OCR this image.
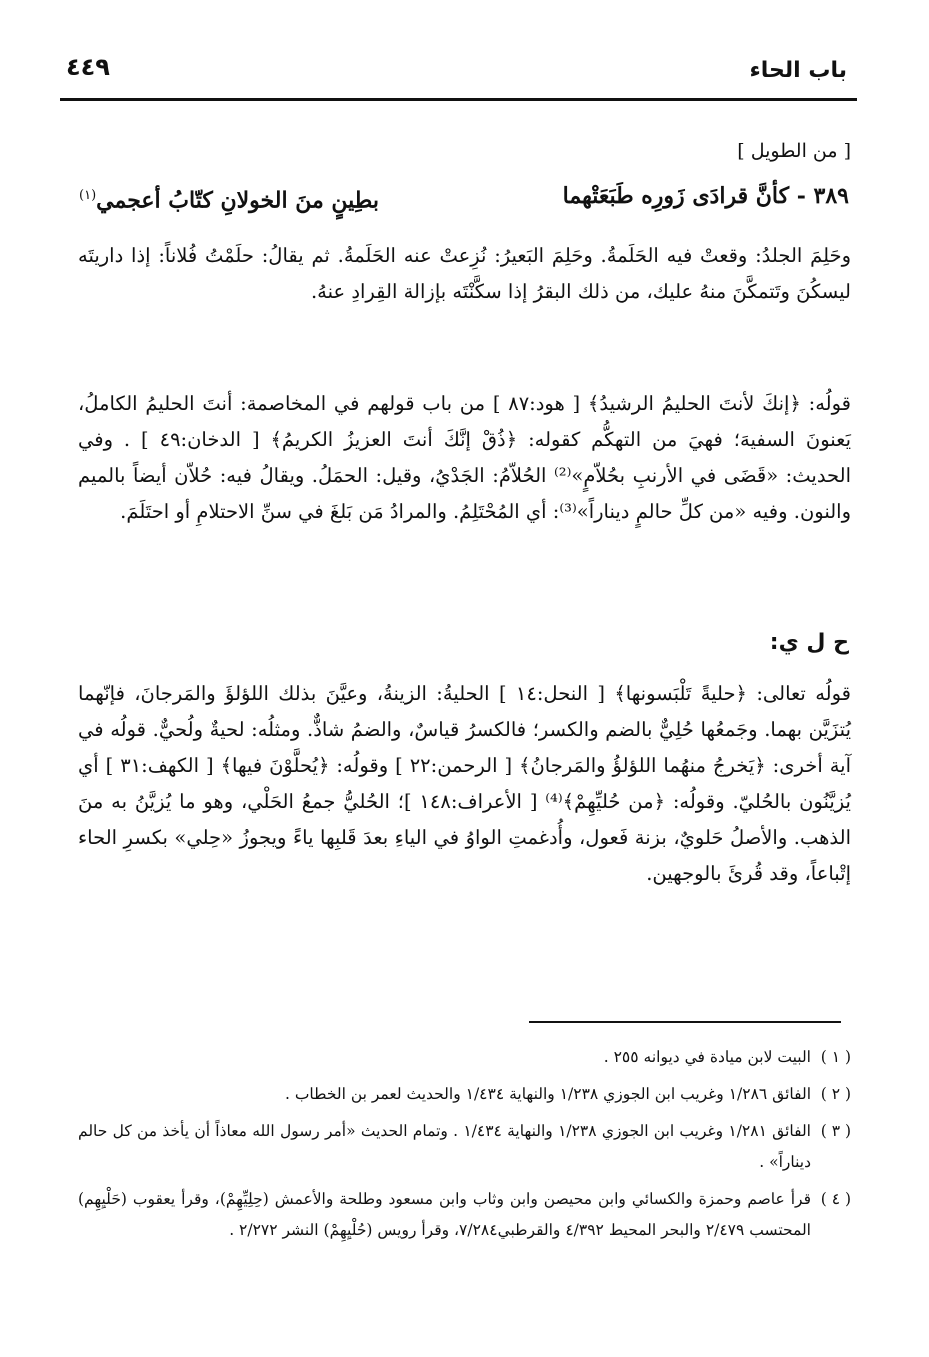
باب الحاء
٤٤٩
[ من الطويل ]
٣٨٩ - كأنَّ قرادَى زَورِه طَبَعَتْهما
بطِينٍ منَ الخولانِ كتّابُ أعجمي$^{(١)}$

وحَلِمَ الجلدُ: وقعتْ فيه الحَلَمةُ. وحَلِمَ البَعيرُ: نُزِعتْ عنه الحَلَمةُ. ثم يقالُ: حلَمْتُ فُلاناً: إذا داريتَه ليسكُنَ وتَتمكَّنَ منهُ عليك، من ذلك البقرُ إذا سكَّنْتَه بإزالة القِرادِ عنهُ.

قولُه: ﴿إنكَ لأنتَ الحليمُ الرشيدُ﴾ [ هود:٨٧ ] من باب قولهم في المخاصمة: أنتَ الحليمُ الكاملُ، يَعنونَ السفيهَ؛ فهيَ من التهكُّم كقوله: ﴿ذُقْ إنَّكَ أنتَ العزيزُ الكريمُ﴾ [ الدخان:٤٩ ] . وفي الحديث: «قَضَى في الأرنبِ بحُلاّمٍ»⁽²⁾ الحُلاّمُ: الجَدْيُ، وقيل: الحمَلُ. ويقالُ فيه: حُلاّن أيضاً بالميم والنون. وفيه «من كلِّ حالمٍ ديناراً»⁽³⁾: أي المُحْتَلِمُ. والمرادُ مَن بَلغَ في سنِّ الاحتلامِ أو احتَلَمَ.

ح ل ي:

قولُه تعالى: ﴿حليةً تَلْبَسونها﴾ [ النحل:١٤ ] الحليةُ: الزينةُ، وعيَّنَ بذلك اللؤلؤَ والمَرجانَ، فإنّهما يُتزَيَّن بهما. وجَمعُها حُلِيٌّ بالضم والكسر؛ فالكسرُ قياسٌ، والضمُ شاذٌّ. ومثلُه: لحيةٌ ولُحيٌّ. قولُه في آية أخرى: ﴿يَخرجُ منهُما اللؤلؤُ والمَرجانُ﴾ [ الرحمن:٢٢ ] وقولُه: ﴿يُحلَّوْنَ فيها﴾ [ الكهف:٣١ ] أي يُزيَّنُون بالحُليّ. وقولُه: ﴿من حُليِّهِمْ﴾⁽⁴⁾ [ الأعراف:١٤٨ ]؛ الحُليُّ جمعُ الحَلْي، وهو ما يُزيَّنُ به منَ الذهب. والأصلُ حَلويٌ، بزنة فَعول، وأُدغمتِ الواوُ في الياءِ بعدَ قَلبِها ياءً ويجوزُ «حِلي» بكسرِ الحاء إتْباعاً، وقد قُرئَ بالوجهين.

( ١ )
البيت لابن ميادة في ديوانه ٢٥٥ .
( ٢ )
الفائق ١/٢٨٦ وغريب ابن الجوزي ١/٢٣٨ والنهاية ١/٤٣٤ والحديث لعمر بن الخطاب .
( ٣ )
الفائق ١/٢٨١ وغريب ابن الجوزي ١/٢٣٨ والنهاية ١/٤٣٤ . وتمام الحديث «أمر رسول الله معاذاً أن يأخذ من كل حالم ديناراً» .
( ٤ )
قرأ عاصم وحمزة والكسائي وابن محيصن وابن وثاب وابن مسعود وطلحة والأعمش (حِلِيِّهِمْ)، وقرأ يعقوب (حَلْيِهِم) المحتسب ٢/٤٧٩ والبحر المحيط ٤/٣٩٢ والقرطبي٧/٢٨٤، وقرأ رويس (حُلْيِهِمْ) النشر ٢/٢٧٢ .
